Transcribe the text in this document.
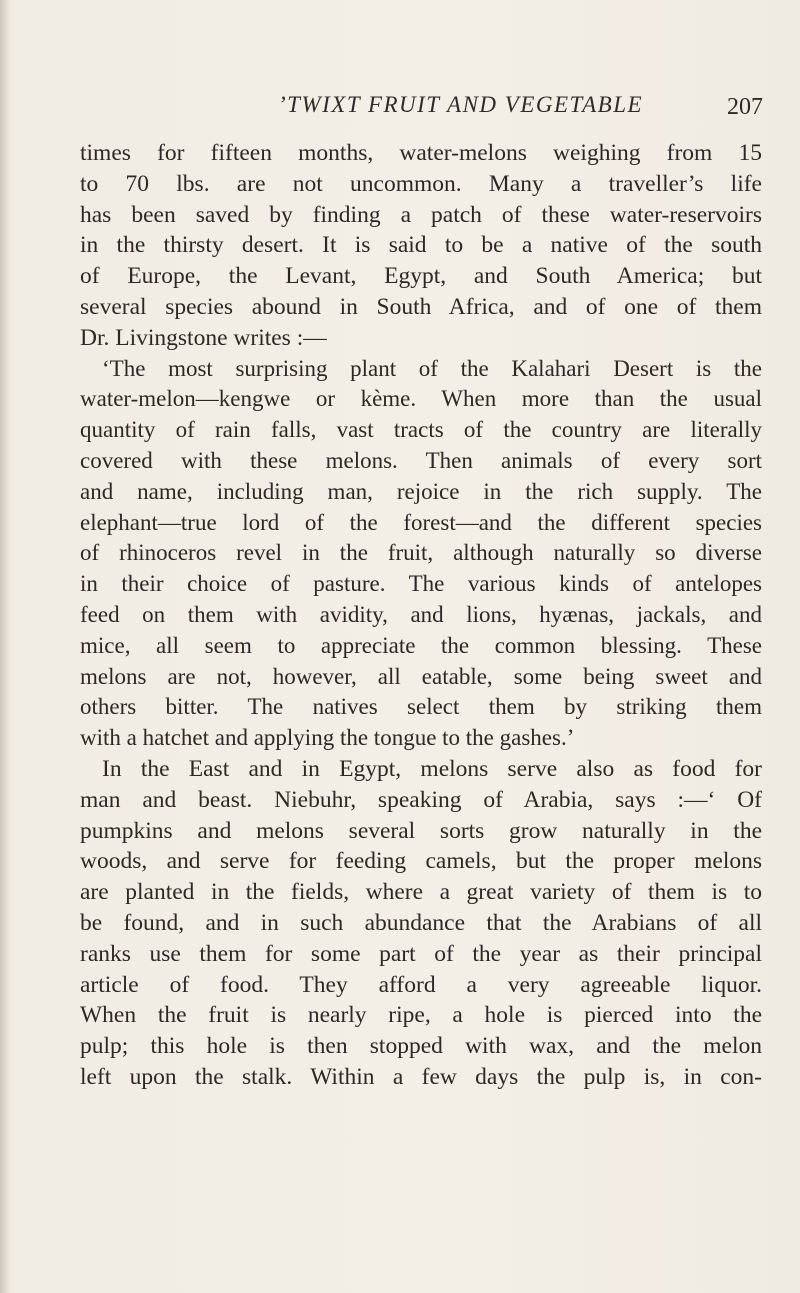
’TWIXT FRUIT AND VEGETABLE	207
times for fifteen months, water-melons weighing from 15
to 70 lbs. are not uncommon. Many a traveller’s life
has been saved by finding a patch of these water-reservoirs
in the thirsty desert. It is said to be a native of the south
of Europe, the Levant, Egypt, and South America; but
several species abound in South Africa, and of one of them
Dr. Livingstone writes :—
‘The most surprising plant of the Kalahari Desert is the
water-melon—kengwe or kème. When more than the usual
quantity of rain falls, vast tracts of the country are literally
covered with these melons. Then animals of every sort
and name, including man, rejoice in the rich supply. The
elephant—true lord of the forest—and the different species
of rhinoceros revel in the fruit, although naturally so diverse
in their choice of pasture. The various kinds of antelopes
feed on them with avidity, and lions, hyænas, jackals, and
mice, all seem to appreciate the common blessing. These
melons are not, however, all eatable, some being sweet and
others bitter. The natives select them by striking them
with a hatchet and applying the tongue to the gashes.’
In the East and in Egypt, melons serve also as food for
man and beast. Niebuhr, speaking of Arabia, says :—‘ Of
pumpkins and melons several sorts grow naturally in the
woods, and serve for feeding camels, but the proper melons
are planted in the fields, where a great variety of them is to
be found, and in such abundance that the Arabians of all
ranks use them for some part of the year as their principal
article of food. They afford a very agreeable liquor.
When the fruit is nearly ripe, a hole is pierced into the
pulp; this hole is then stopped with wax, and the melon
left upon the stalk. Within a few days the pulp is, in con-
